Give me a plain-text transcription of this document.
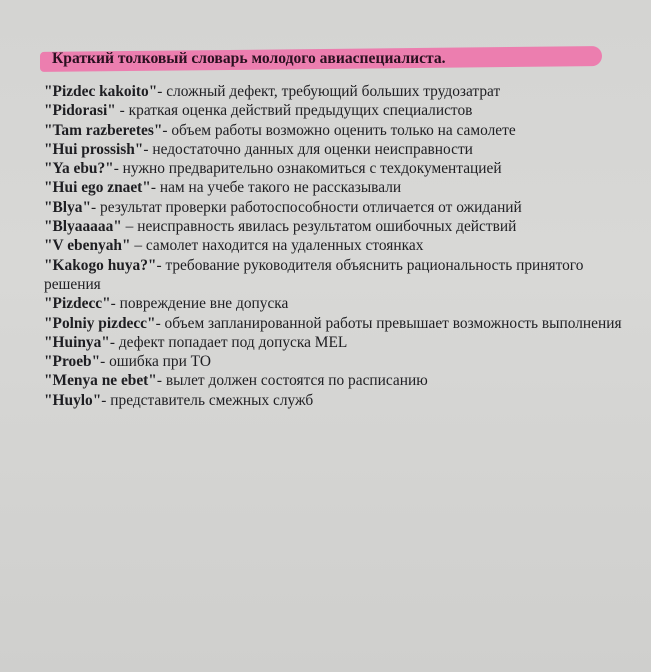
Краткий толковый словарь молодого авиаспециалиста.

"Pizdec kakoito"- сложный дефект, требующий больших трудозатрат

"Pidorasi" - краткая оценка действий предыдущих специалистов

"Tam razberetes"- объем работы возможно оценить только на самолете

"Hui prossish"- недостаточно данных для оценки неисправности

"Ya ebu?"- нужно предварительно ознакомиться с техдокументацией

"Hui ego znaet"- нам на учебе такого не рассказывали

"Blya"- результат проверки работоспособности отличается от ожиданий

"Blyaaaaa" – неисправность явилась результатом ошибочных действий

"V ebenyah" – самолет находится на удаленных стоянках

"Kakogo huya?"- требование руководителя объяснить рациональность принятого решения

"Pizdecc"- повреждение вне допуска

"Polniy pizdecc"- объем запланированной работы превышает возможность выполнения

"Huinya"- дефект попадает под допуска MEL

"Proeb"- ошибка при ТО

"Menya ne ebet"- вылет должен состоятся по расписанию

"Huylo"- представитель смежных служб
